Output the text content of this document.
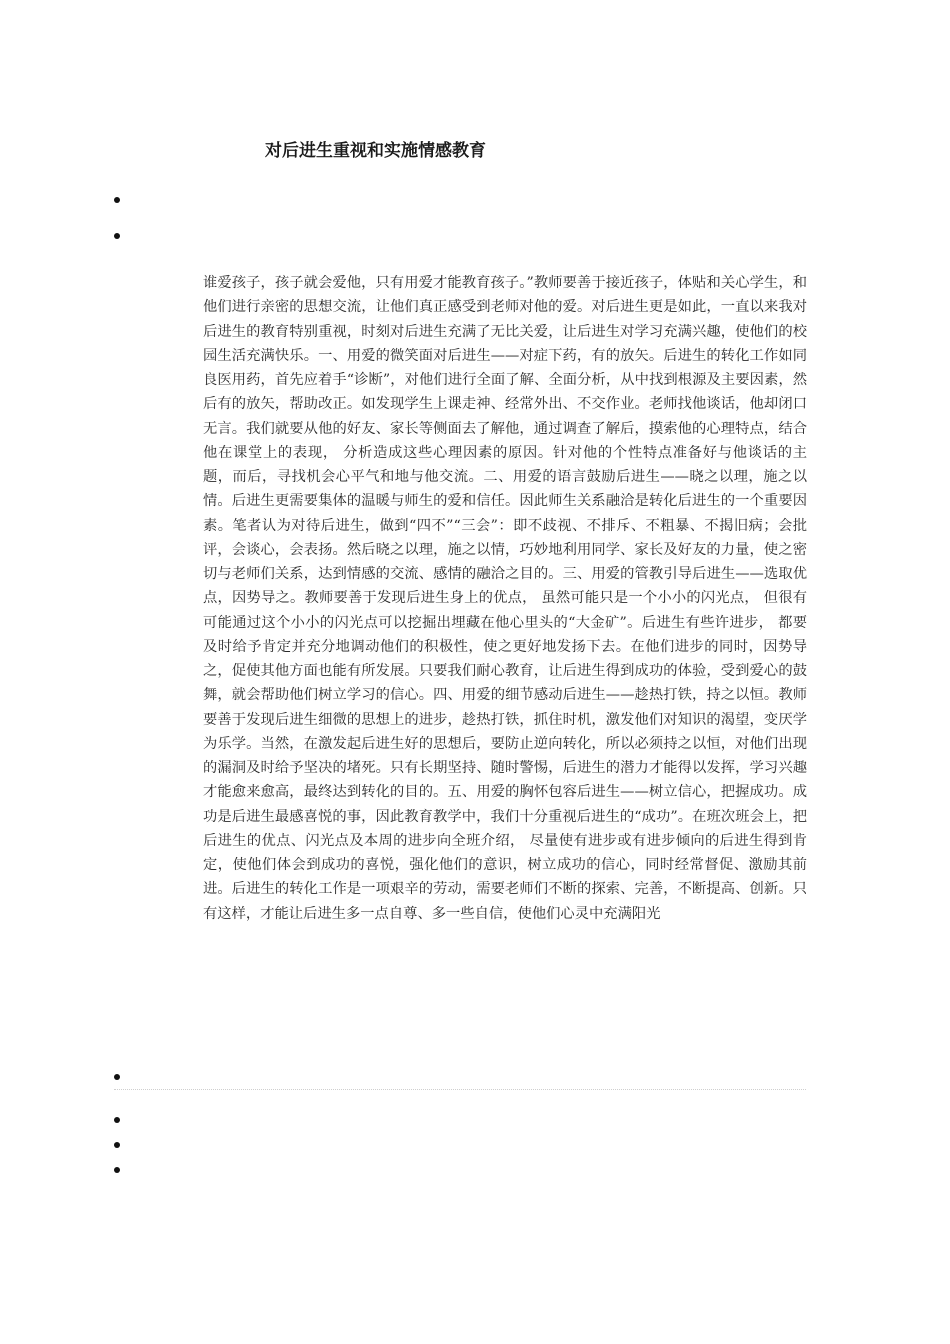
对后进生重视和实施情感教育

谁爱孩子，孩子就会爱他，只有用爱才能教育孩子。”教师要善于接近孩子，体贴和关心学生，和他们进行亲密的思想交流，让他们真正感受到老师对他的爱。对后进生更是如此，一直以来我对后进生的教育特别重视，时刻对后进生充满了无比关爱，让后进生对学习充满兴趣，使他们的校园生活充满快乐。一、用爱的微笑面对后进生——对症下药，有的放矢。后进生的转化工作如同良医用药，首先应着手“诊断”，对他们进行全面了解、全面分析，从中找到根源及主要因素，然后有的放矢，帮助改正。如发现学生上课走神、经常外出、不交作业。老师找他谈话，他却闭口无言。我们就要从他的好友、家长等侧面去了解他，通过调查了解后，摸索他的心理特点，结合他在课堂上的表现， 分析造成这些心理因素的原因。针对他的个性特点准备好与他谈话的主题，而后，寻找机会心平气和地与他交流。二、用爱的语言鼓励后进生——晓之以理，施之以情。后进生更需要集体的温暖与师生的爱和信任。因此师生关系融洽是转化后进生的一个重要因素。笔者认为对待后进生，做到“四不”“三会”：即不歧视、不排斥、不粗暴、不揭旧病；会批评，会谈心，会表扬。然后晓之以理，施之以情，巧妙地利用同学、家长及好友的力量，使之密切与老师们关系，达到情感的交流、感情的融洽之目的。三、用爱的管教引导后进生——选取优点，因势导之。教师要善于发现后进生身上的优点， 虽然可能只是一个小小的闪光点， 但很有可能通过这个小小的闪光点可以挖掘出埋藏在他心里头的“大金矿”。后进生有些许进步， 都要及时给予肯定并充分地调动他们的积极性，使之更好地发扬下去。在他们进步的同时，因势导之，促使其他方面也能有所发展。只要我们耐心教育，让后进生得到成功的体验，受到爱心的鼓舞，就会帮助他们树立学习的信心。四、用爱的细节感动后进生——趁热打铁，持之以恒。教师要善于发现后进生细微的思想上的进步，趁热打铁，抓住时机，激发他们对知识的渴望，变厌学为乐学。当然，在激发起后进生好的思想后，要防止逆向转化，所以必须持之以恒，对他们出现的漏洞及时给予坚决的堵死。只有长期坚持、随时警惕，后进生的潜力才能得以发挥，学习兴趣才能愈来愈高，最终达到转化的目的。五、用爱的胸怀包容后进生——树立信心，把握成功。成功是后进生最感喜悦的事，因此教育教学中，我们十分重视后进生的“成功”。在班次班会上，把后进生的优点、闪光点及本周的进步向全班介绍， 尽量使有进步或有进步倾向的后进生得到肯定，使他们体会到成功的喜悦，强化他们的意识，树立成功的信心，同时经常督促、激励其前进。后进生的转化工作是一项艰辛的劳动，需要老师们不断的探索、完善，不断提高、创新。只有这样，才能让后进生多一点自尊、多一些自信，使他们心灵中充满阳光
